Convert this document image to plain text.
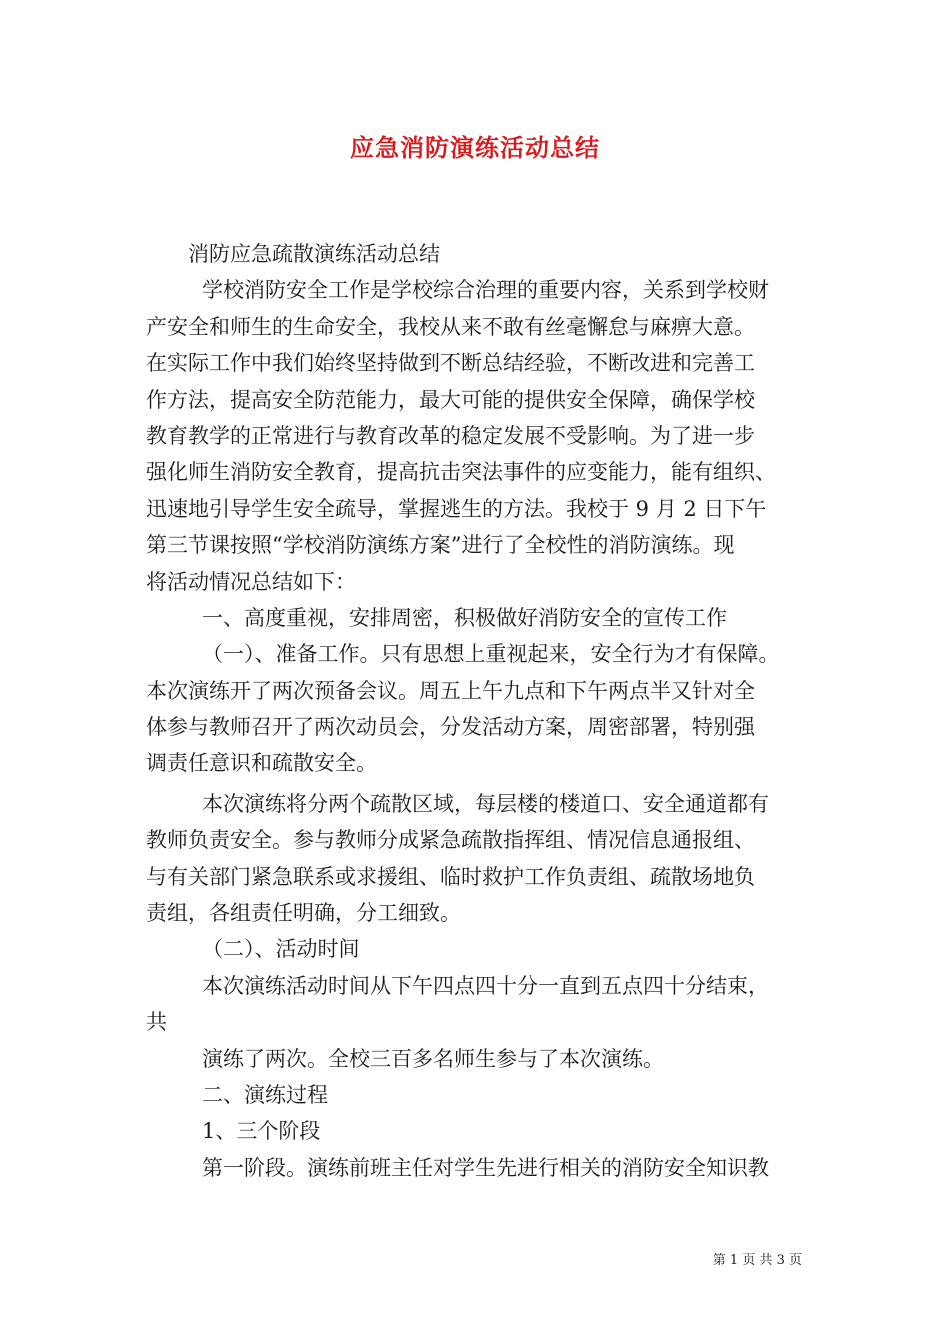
应急消防演练活动总结
消防应急疏散演练活动总结
学校消防安全工作是学校综合治理的重要内容，关系到学校财
产安全和师生的生命安全，我校从来不敢有丝毫懈怠与麻痹大意。
在实际工作中我们始终坚持做到不断总结经验，不断改进和完善工
作方法，提高安全防范能力，最大可能的提供安全保障，确保学校
教育教学的正常进行与教育改革的稳定发展不受影响。为了进一步
强化师生消防安全教育，提高抗击突法事件的应变能力，能有组织、
迅速地引导学生安全疏导，掌握逃生的方法。我校于 9 月 2 日下午
第三节课按照“学校消防演练方案”进行了全校性的消防演练。现
将活动情况总结如下：
一、高度重视，安排周密，积极做好消防安全的宣传工作
（一）、准备工作。只有思想上重视起来，安全行为才有保障。
本次演练开了两次预备会议。周五上午九点和下午两点半又针对全
体参与教师召开了两次动员会，分发活动方案，周密部署，特别强
调责任意识和疏散安全。
本次演练将分两个疏散区域，每层楼的楼道口、安全通道都有
教师负责安全。参与教师分成紧急疏散指挥组、情况信息通报组、
与有关部门紧急联系或求援组、临时救护工作负责组、疏散场地负
责组，各组责任明确，分工细致。
（二）、活动时间
本次演练活动时间从下午四点四十分一直到五点四十分结束，
共
演练了两次。全校三百多名师生参与了本次演练。
二、演练过程
1、三个阶段
第一阶段。演练前班主任对学生先进行相关的消防安全知识教
第 1 页 共 3 页
